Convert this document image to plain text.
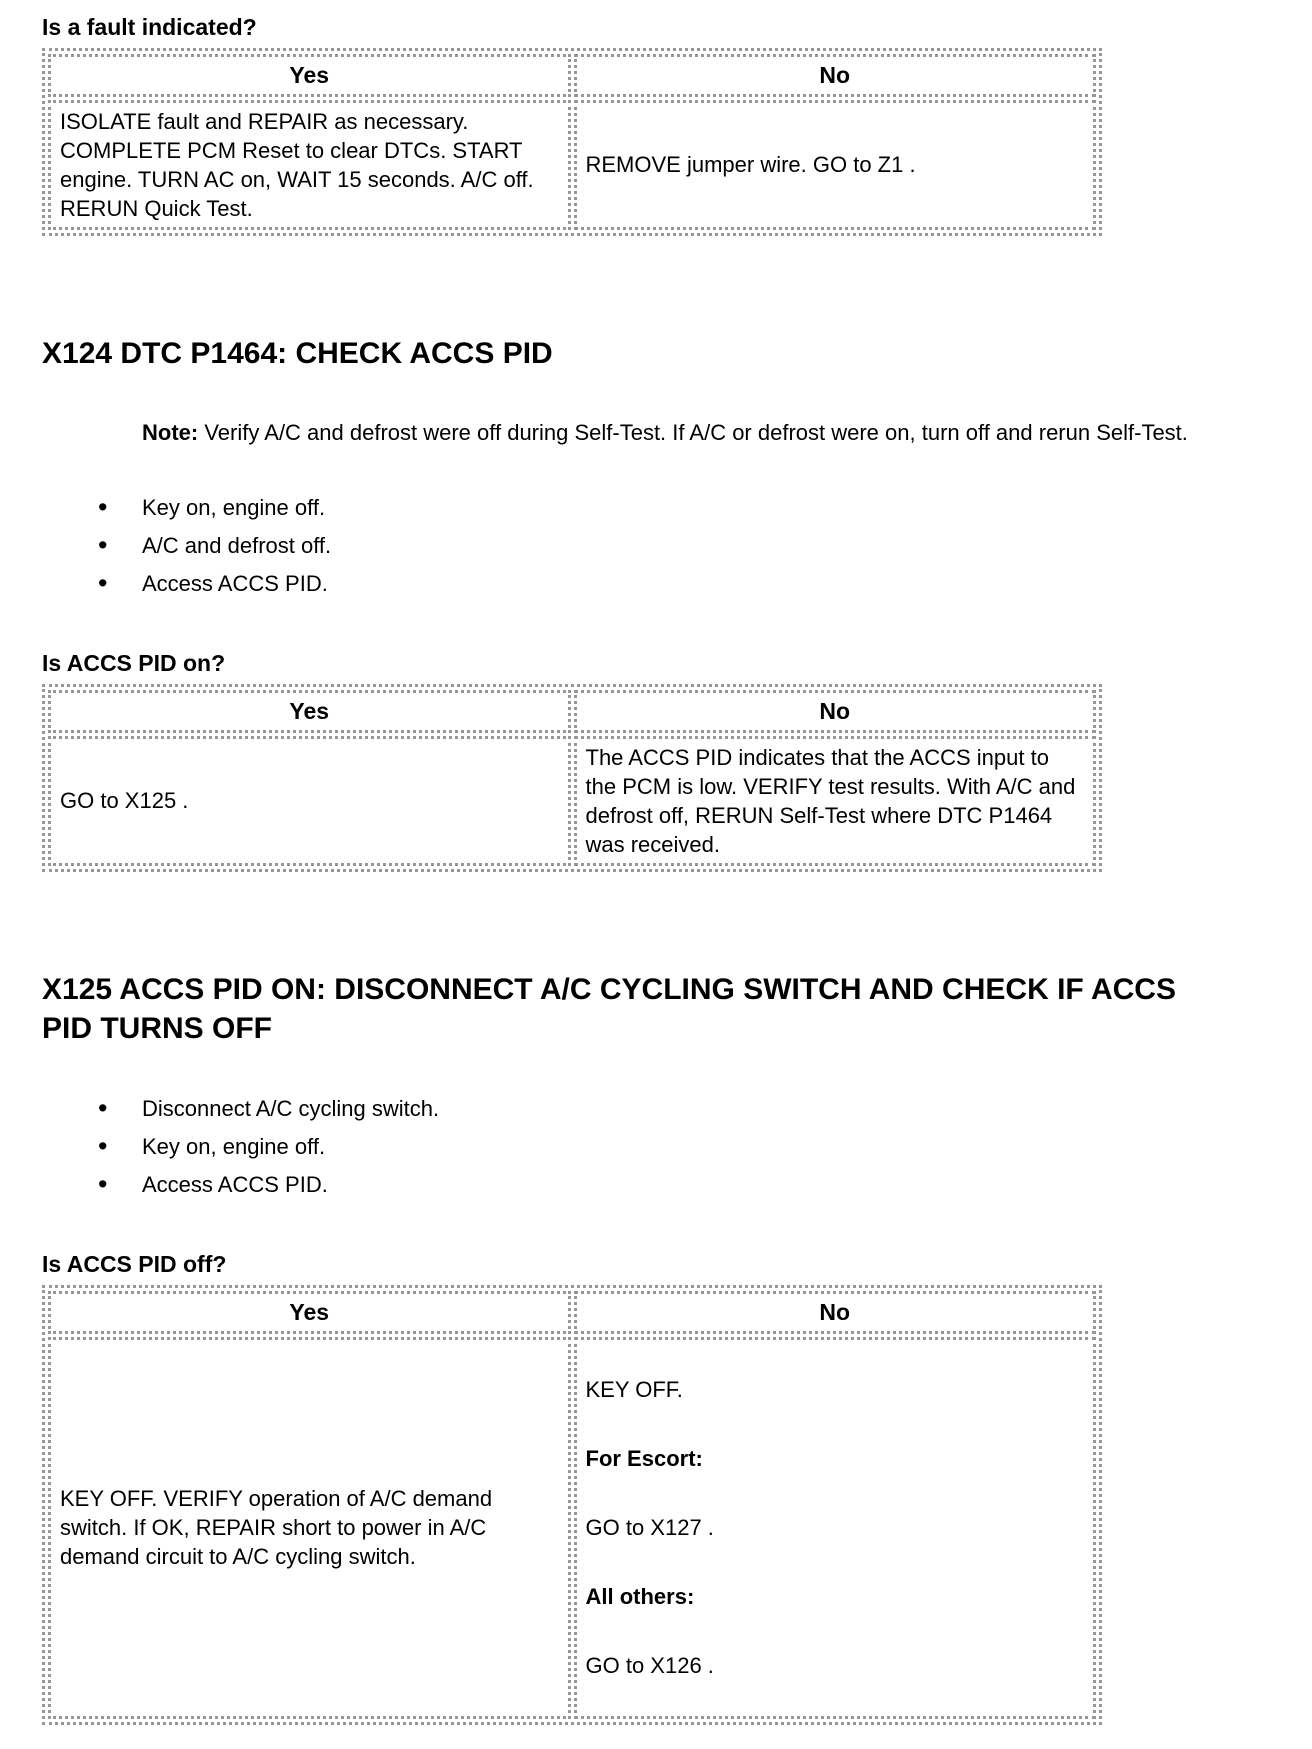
Is a fault indicated?
Yes	No
ISOLATE fault and REPAIR as necessary. COMPLETE PCM Reset to clear DTCs. START engine. TURN AC on, WAIT 15 seconds. A/C off. RERUN Quick Test.	REMOVE jumper wire. GO to Z1 .
X124 DTC P1464: CHECK ACCS PID

Note: Verify A/C and defrost were off during Self-Test. If A/C or defrost were on, turn off and rerun Self-Test.

• Key on, engine off.
• A/C and defrost off.
• Access ACCS PID.
Is ACCS PID on?
Yes	No
GO to X125 .	The ACCS PID indicates that the ACCS input to the PCM is low. VERIFY test results. With A/C and defrost off, RERUN Self-Test where DTC P1464 was received.
X125 ACCS PID ON: DISCONNECT A/C CYCLING SWITCH AND CHECK IF ACCS PID TURNS OFF
• Disconnect A/C cycling switch.
• Key on, engine off.
• Access ACCS PID.
Is ACCS PID off?
Yes	No
KEY OFF. VERIFY operation of A/C demand switch. If OK, REPAIR short to power in A/C demand circuit to A/C cycling switch.	KEY OFF.

For Escort:

GO to X127 .

All others:

GO to X126 .
